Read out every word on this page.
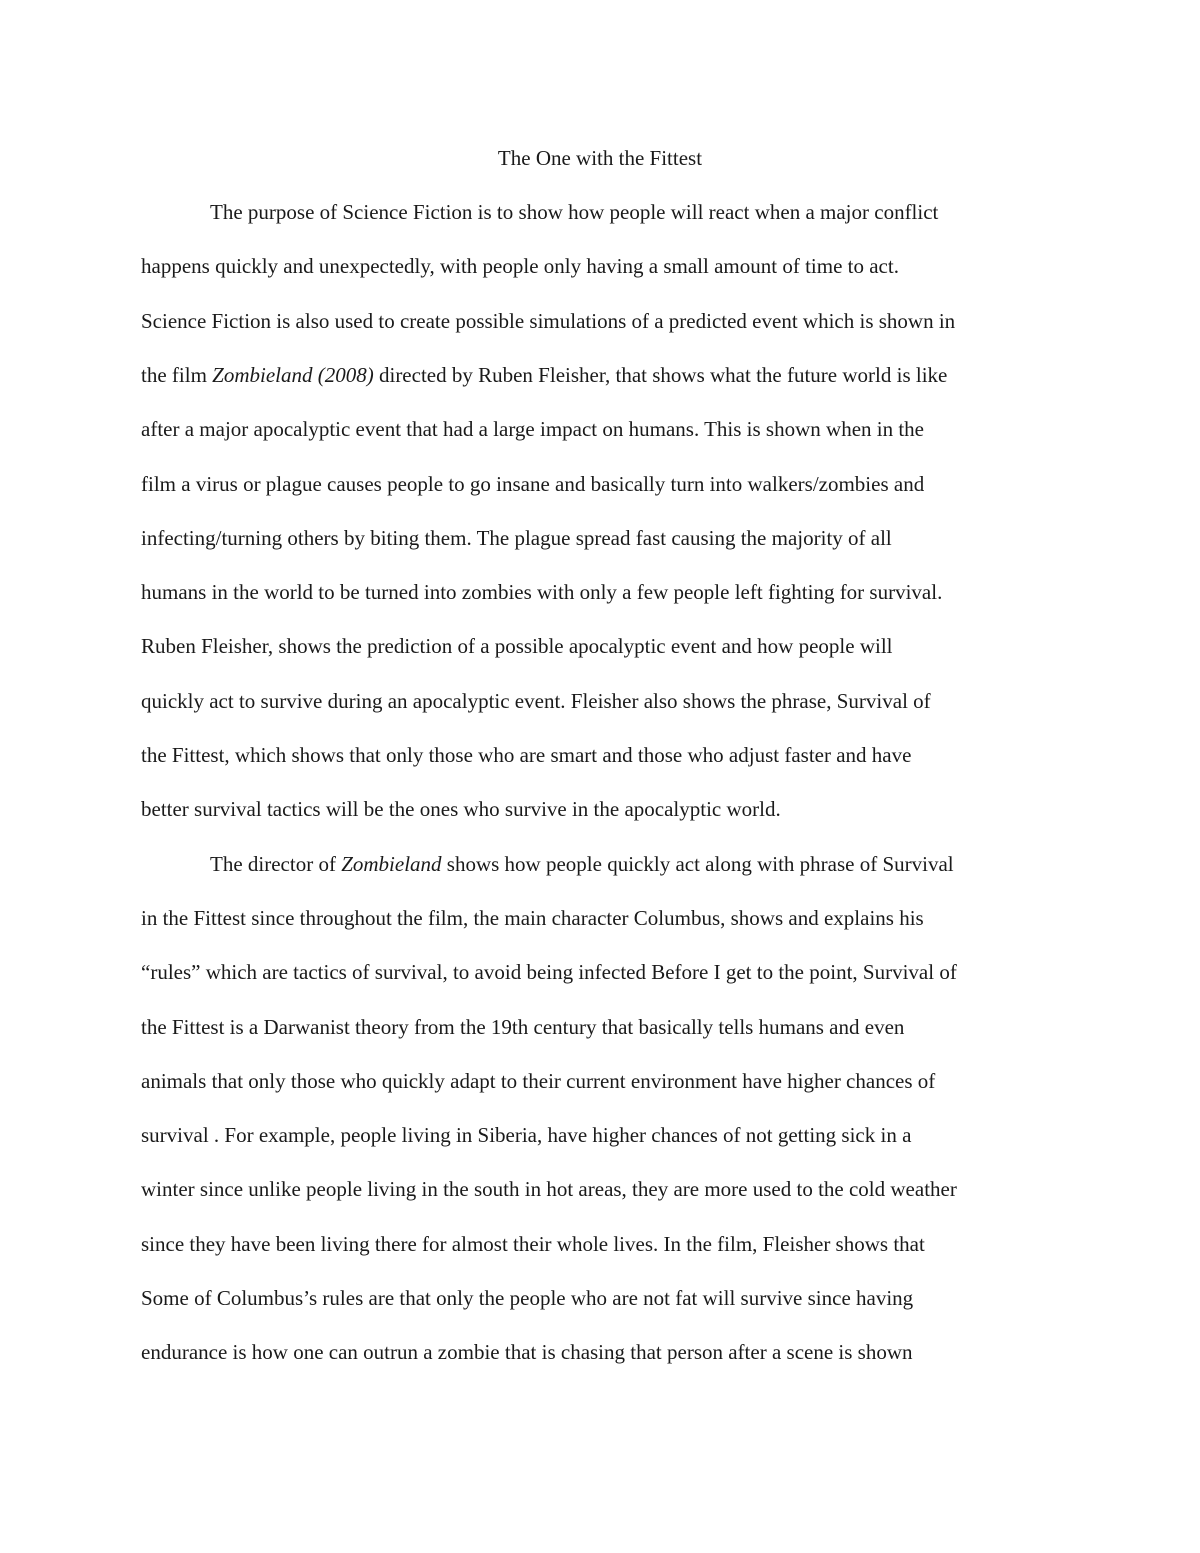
The One with the Fittest
The purpose of Science Fiction is to show how people will react when a major conflict
happens quickly and unexpectedly, with people only having a small amount of time to act.
Science Fiction is also used to create possible simulations of a predicted event which is shown in
the film Zombieland (2008) directed by Ruben Fleisher, that shows what the future world is like
after a major apocalyptic event that had a large impact on humans. This is shown when in the
film a virus or plague causes people to go insane and basically turn into walkers/zombies and
infecting/turning others by biting them. The plague spread fast causing the majority of all
humans in the world to be turned into zombies with only a few people left fighting for survival.
Ruben Fleisher, shows the prediction of a possible apocalyptic event and how people will
quickly act to survive during an apocalyptic event. Fleisher also shows the phrase, Survival of
the Fittest, which shows that only those who are smart and those who adjust faster and have
better survival tactics will be the ones who survive in the apocalyptic world.
The director of Zombieland shows how people quickly act along with phrase of Survival
in the Fittest since throughout the film, the main character Columbus, shows and explains his
“rules” which are tactics of survival, to avoid being infected Before I get to the point, Survival of
the Fittest is a Darwanist theory from the 19th century that basically tells humans and even
animals that only those who quickly adapt to their current environment have higher chances of
survival . For example, people living in Siberia, have higher chances of not getting sick in a
winter since unlike people living in the south in hot areas, they are more used to the cold weather
since they have been living there for almost their whole lives. In the film, Fleisher shows that
Some of Columbus’s rules are that only the people who are not fat will survive since having
endurance is how one can outrun a zombie that is chasing that person after a scene is shown
